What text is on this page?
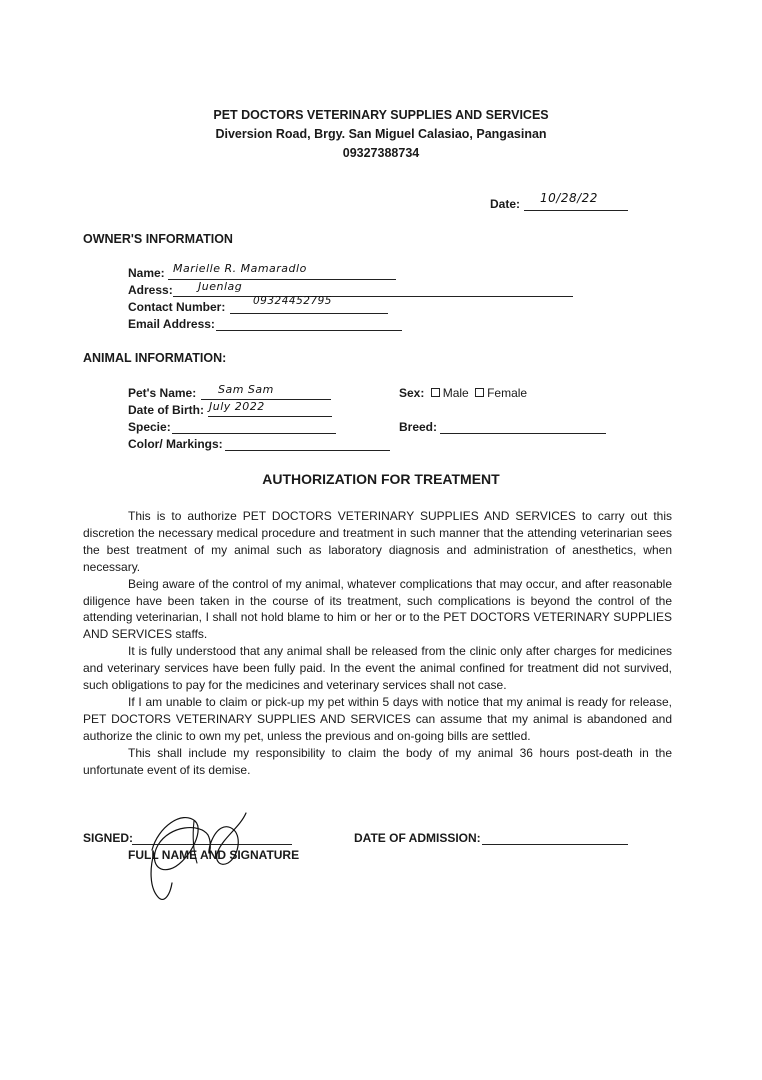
PET DOCTORS VETERINARY SUPPLIES AND SERVICES
Diversion Road, Brgy. San Miguel Calasiao, Pangasinan
09327388734
Date: 10/28/22
OWNER'S INFORMATION
Name: Marielle R. Mamaradlo
Adress: Juenlag
Contact Number:	09324452795
Email Address:
ANIMAL INFORMATION:
Pet's Name: Sam Sam
Date of Birth: July 2022
Specie:
Color/ Markings:
Sex: Male Female
Breed:
AUTHORIZATION FOR TREATMENT

This is to authorize PET DOCTORS VETERINARY SUPPLIES AND SERVICES to carry out this discretion the necessary medical procedure and treatment in such manner that the attending veterinarian sees the best treatment of my animal such as laboratory diagnosis and administration of anesthetics, when necessary.

Being aware of the control of my animal, whatever complications that may occur, and after reasonable diligence have been taken in the course of its treatment, such complications is beyond the control of the attending veterinarian, I shall not hold blame to him or her or to the PET DOCTORS VETERINARY SUPPLIES AND SERVICES staffs.

It is fully understood that any animal shall be released from the clinic only after charges for medicines and veterinary services have been fully paid. In the event the animal confined for treatment did not survived, such obligations to pay for the medicines and veterinary services shall not case.

If I am unable to claim or pick-up my pet within 5 days with notice that my animal is ready for release, PET DOCTORS VETERINARY SUPPLIES AND SERVICES can assume that my animal is abandoned and authorize the clinic to own my pet, unless the previous and on-going bills are settled.

This shall include my responsibility to claim the body of my animal 36 hours post-death in the unfortunate event of its demise.

SIGNED:
FULL NAME AND SIGNATURE
DATE OF ADMISSION:
